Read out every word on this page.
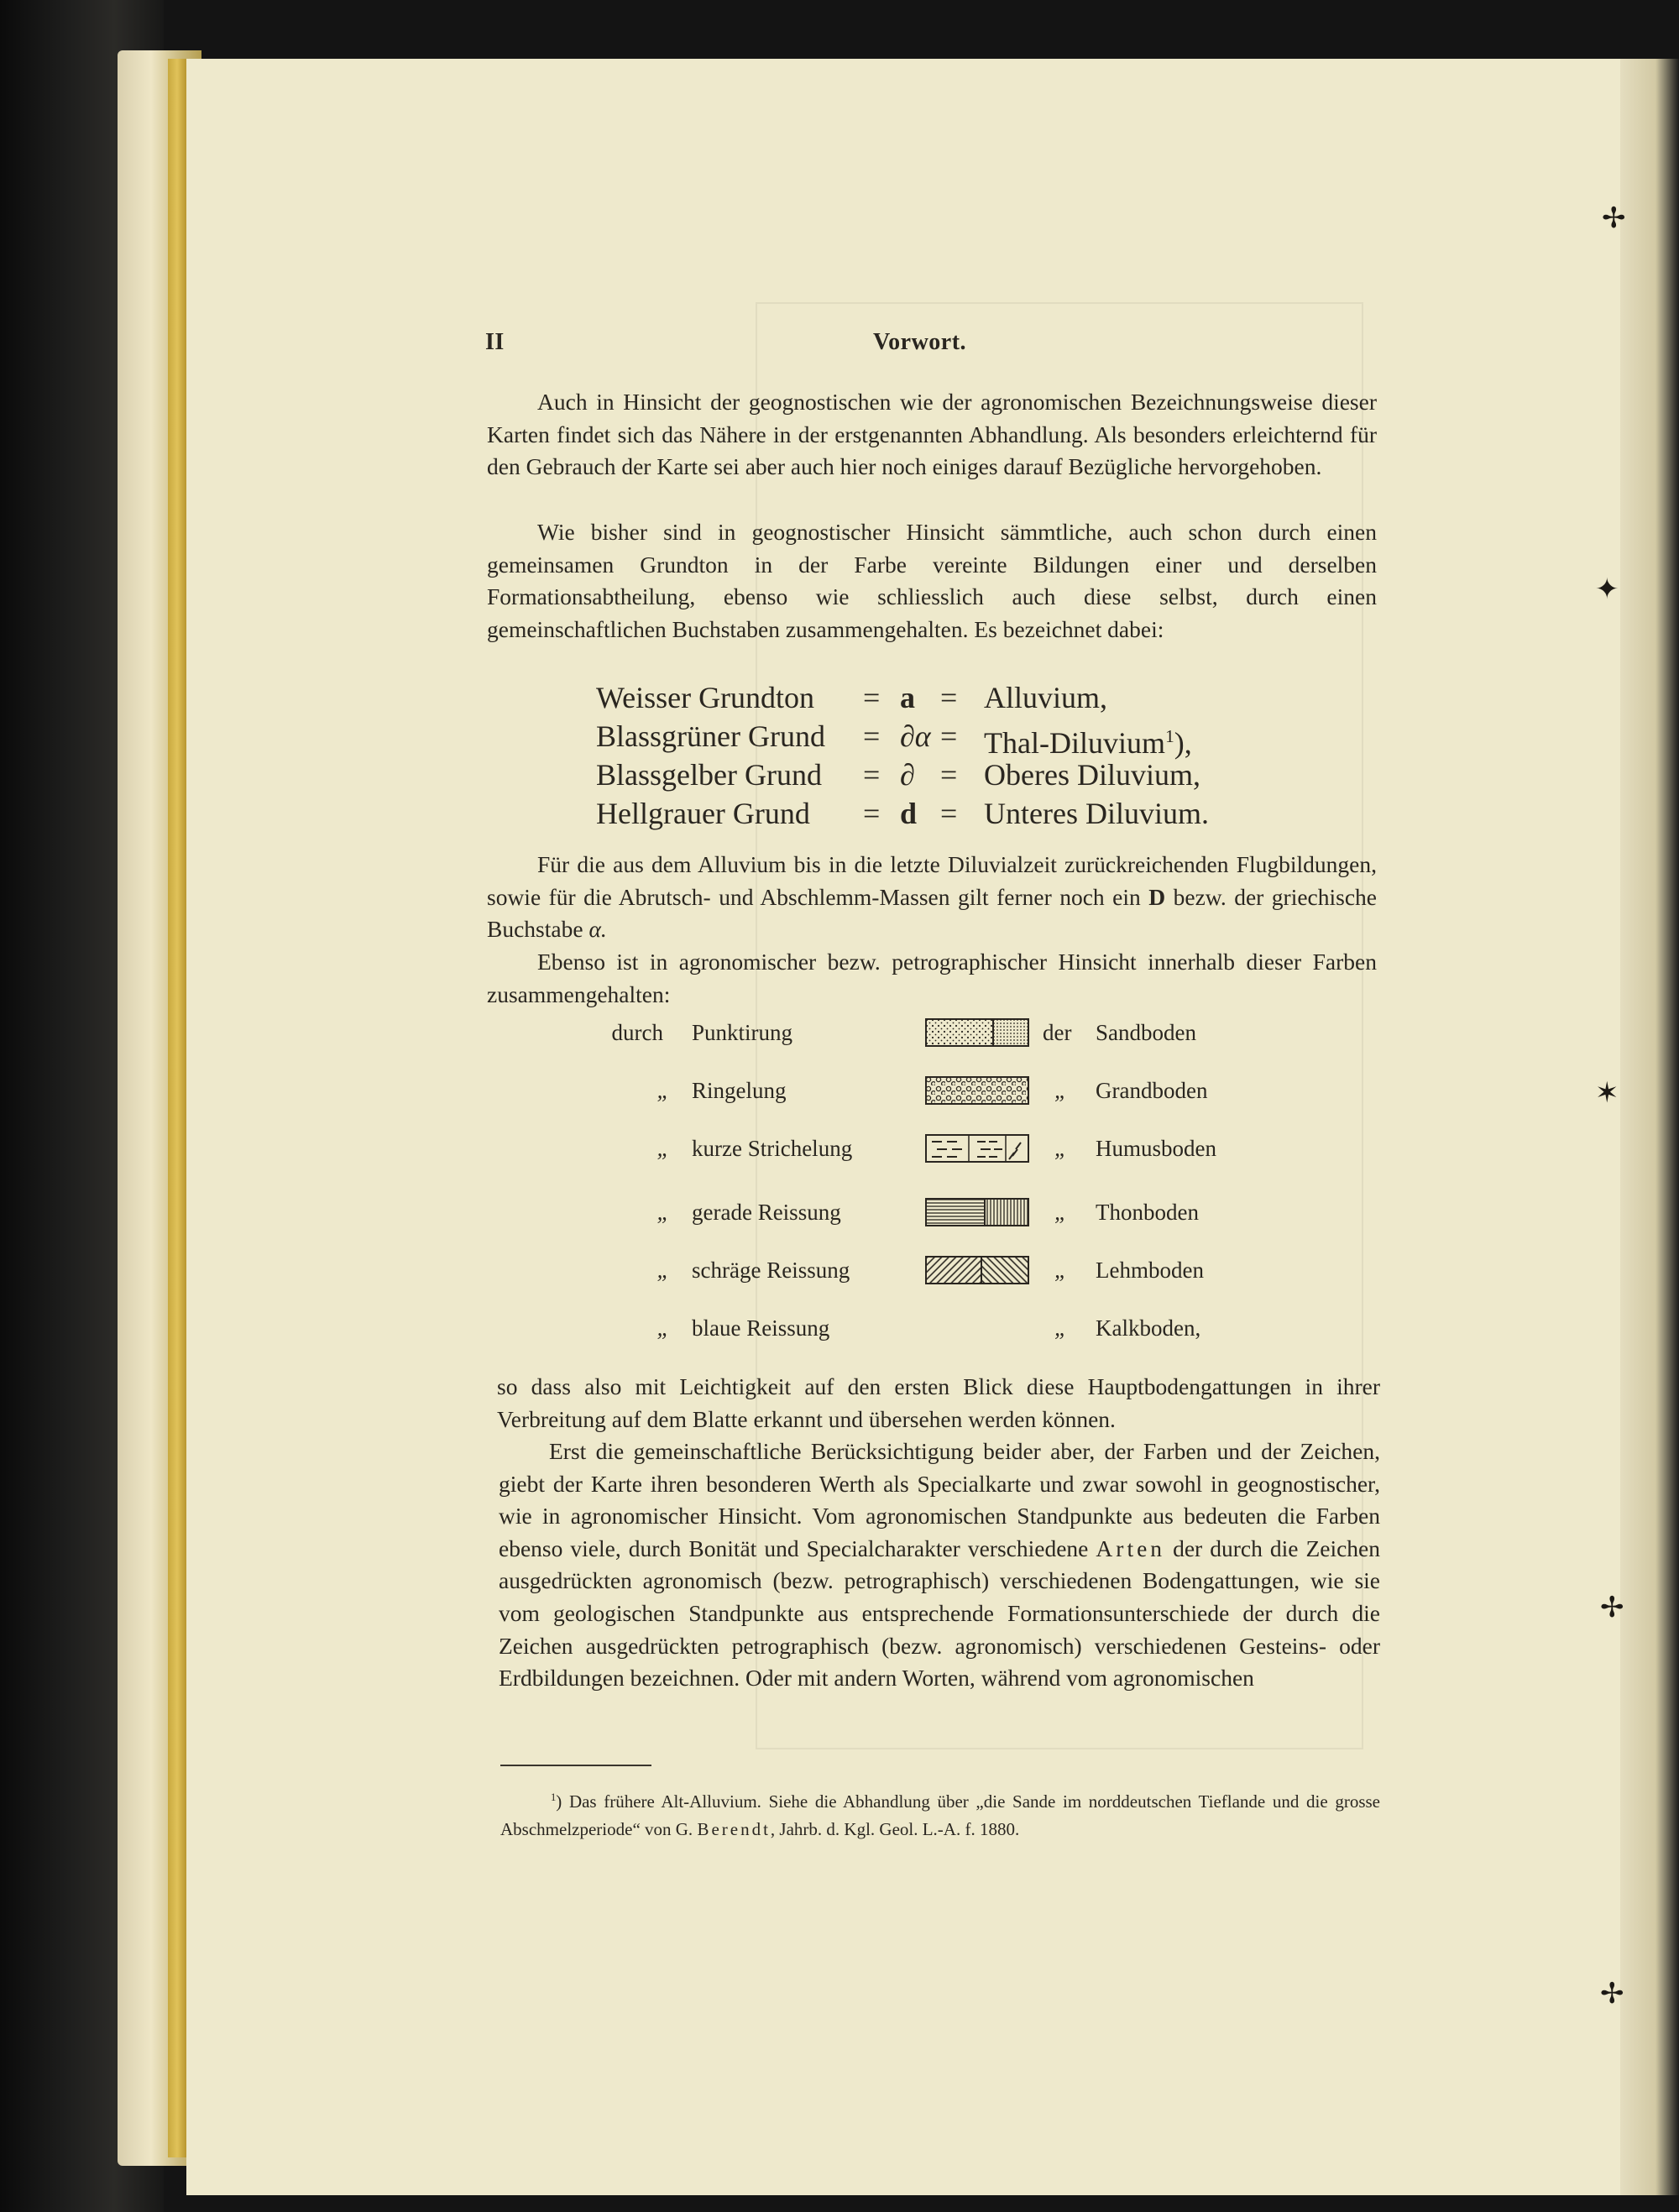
✢
✦
✶
✢
✢
II	Vorwort.

Auch in Hinsicht der geognostischen wie der agronomischen Bezeichnungsweise dieser Karten findet sich das Nähere in der erstgenannten Abhandlung. Als besonders erleichternd für den Gebrauch der Karte sei aber auch hier noch einiges darauf Bezügliche hervorgehoben.

Wie bisher sind in geognostischer Hinsicht sämmtliche, auch schon durch einen gemeinsamen Grundton in der Farbe vereinte Bildungen einer und derselben Formationsabtheilung, ebenso wie schliesslich auch diese selbst, durch einen gemeinschaftlichen Buchstaben zusammengehalten. Es bezeichnet dabei:

Weisser Grundton = a = Alluvium,
Blassgrüner Grund = ∂α = Thal-Diluvium$^1$),
Blassgelber Grund = ∂ = Oberes Diluvium,
Hellgrauer Grund = d = Unteres Diluvium.

Für die aus dem Alluvium bis in die letzte Diluvialzeit zurückreichenden Flugbildungen, sowie für die Abrutsch- und Abschlemm-Massen gilt ferner noch ein D bezw. der griechische Buchstabe α.

Ebenso ist in agronomischer bezw. petrographischer Hinsicht innerhalb dieser Farben zusammengehalten:

durch Punktirung	der Sandboden
„ Ringelung	„ Grandboden
„ kurze Strichelung	„ Humusboden
„ gerade Reissung	„ Thonboden
„ schräge Reissung	„ Lehmboden
„ blaue Reissung	„ Kalkboden,

so dass also mit Leichtigkeit auf den ersten Blick diese Hauptbodengattungen in ihrer Verbreitung auf dem Blatte erkannt und übersehen werden können.

Erst die gemeinschaftliche Berücksichtigung beider aber, der Farben und der Zeichen, giebt der Karte ihren besonderen Werth als Specialkarte und zwar sowohl in geognostischer, wie in agronomischer Hinsicht. Vom agronomischen Standpunkte aus bedeuten die Farben ebenso viele, durch Bonität und Specialcharakter verschiedene Arten der durch die Zeichen ausgedrückten agronomisch (bezw. petrographisch) verschiedenen Bodengattungen, wie sie vom geologischen Standpunkte aus entsprechende Formationsunterschiede der durch die Zeichen ausgedrückten petrographisch (bezw. agronomisch) verschiedenen Gesteins- oder Erdbildungen bezeichnen. Oder mit andern Worten, während vom agronomischen

$^1$) Das frühere Alt-Alluvium. Siehe die Abhandlung über „die Sande im norddeutschen Tieflande und die grosse Abschmelzperiode“ von G. Berendt, Jahrb. d. Kgl. Geol. L.-A. f. 1880.
